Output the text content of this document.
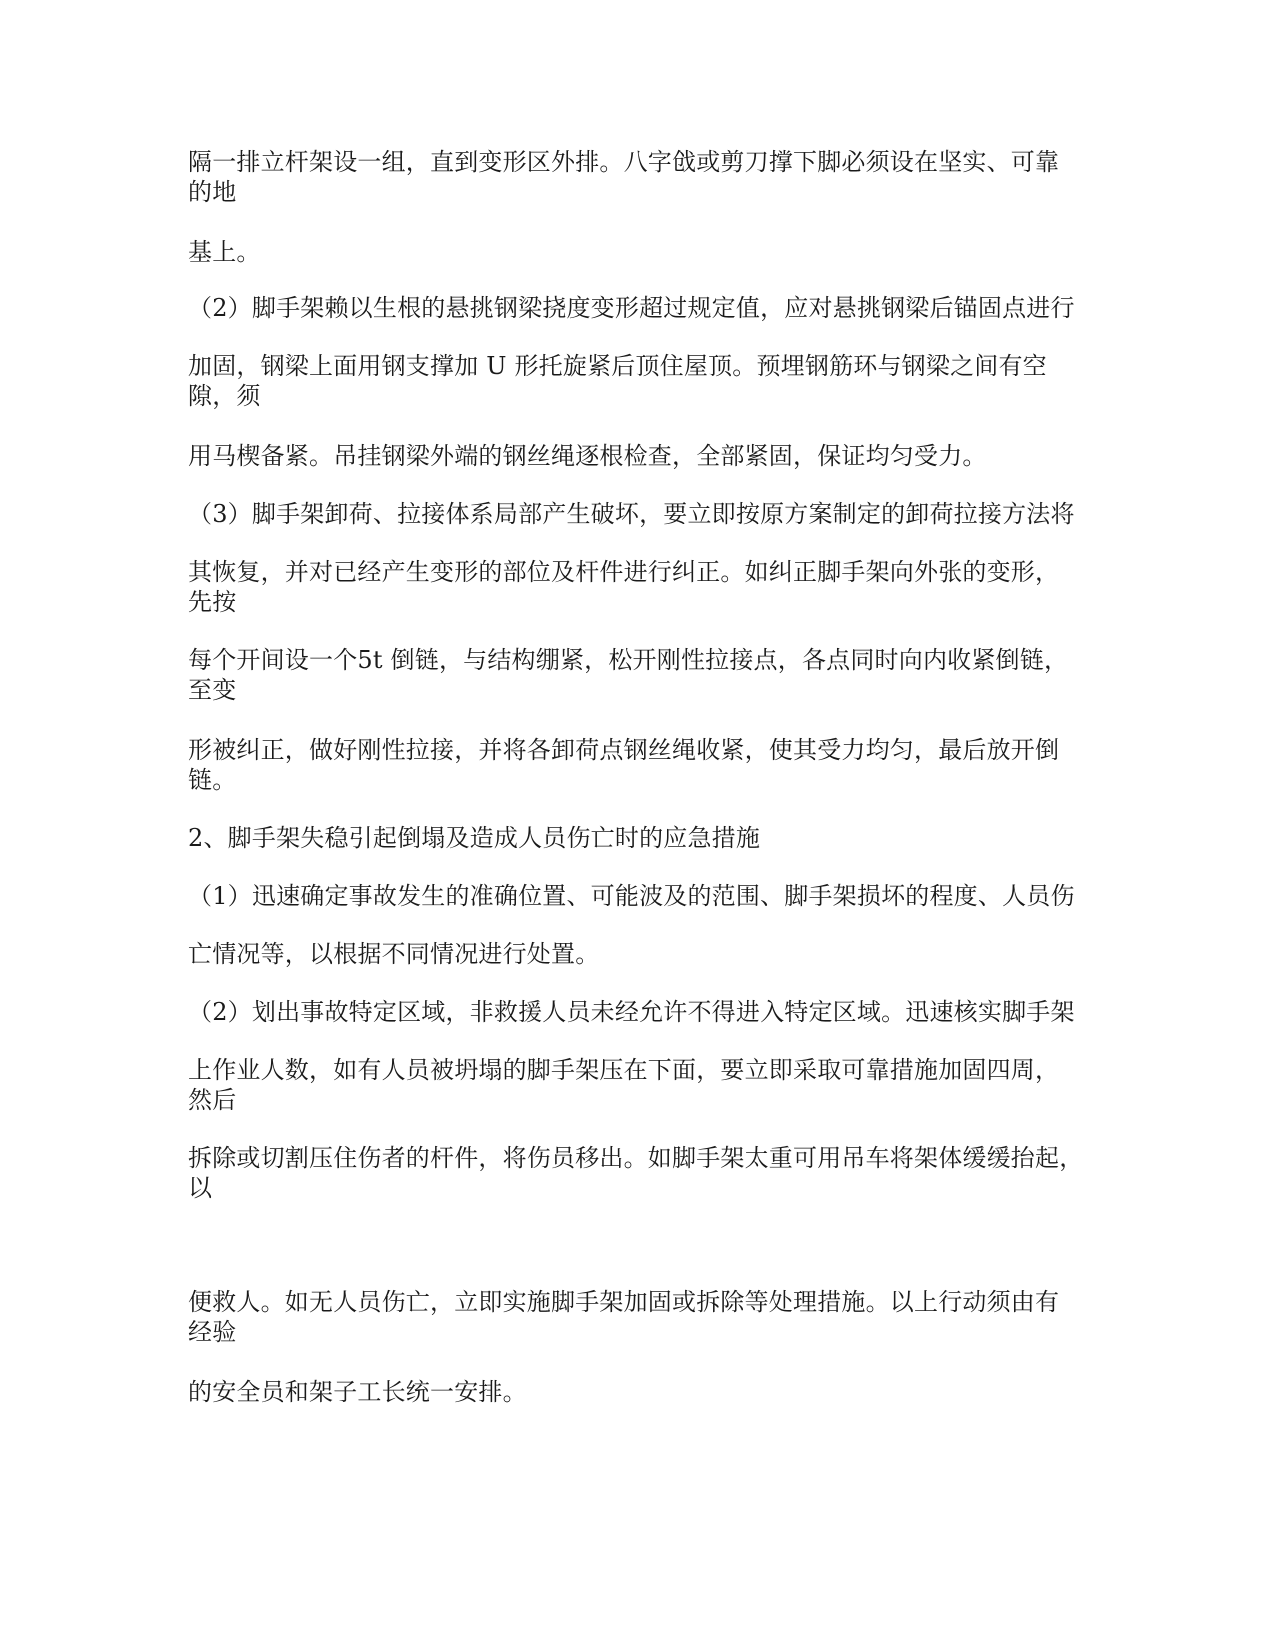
隔一排立杆架设一组，直到变形区外排。八字戗或剪刀撑下脚必须设在坚实、可靠
的地
基上。
（2）脚手架赖以生根的悬挑钢梁挠度变形超过规定值，应对悬挑钢梁后锚固点进行
加固，钢梁上面用钢支撑加 U 形托旋紧后顶住屋顶。预埋钢筋环与钢梁之间有空
隙，须
用马楔备紧。吊挂钢梁外端的钢丝绳逐根检查，全部紧固，保证均匀受力。
（3）脚手架卸荷、拉接体系局部产生破坏，要立即按原方案制定的卸荷拉接方法将
其恢复，并对已经产生变形的部位及杆件进行纠正。如纠正脚手架向外张的变形，
先按
每个开间设一个5t 倒链，与结构绷紧，松开刚性拉接点，各点同时向内收紧倒链，
至变
形被纠正，做好刚性拉接，并将各卸荷点钢丝绳收紧，使其受力均匀，最后放开倒
链。
2、脚手架失稳引起倒塌及造成人员伤亡时的应急措施
（1）迅速确定事故发生的准确位置、可能波及的范围、脚手架损坏的程度、人员伤
亡情况等，以根据不同情况进行处置。
（2）划出事故特定区域，非救援人员未经允许不得进入特定区域。迅速核实脚手架
上作业人数，如有人员被坍塌的脚手架压在下面，要立即采取可靠措施加固四周，
然后
拆除或切割压住伤者的杆件，将伤员移出。如脚手架太重可用吊车将架体缓缓抬起，
以
便救人。如无人员伤亡，立即实施脚手架加固或拆除等处理措施。以上行动须由有
经验
的安全员和架子工长统一安排。
